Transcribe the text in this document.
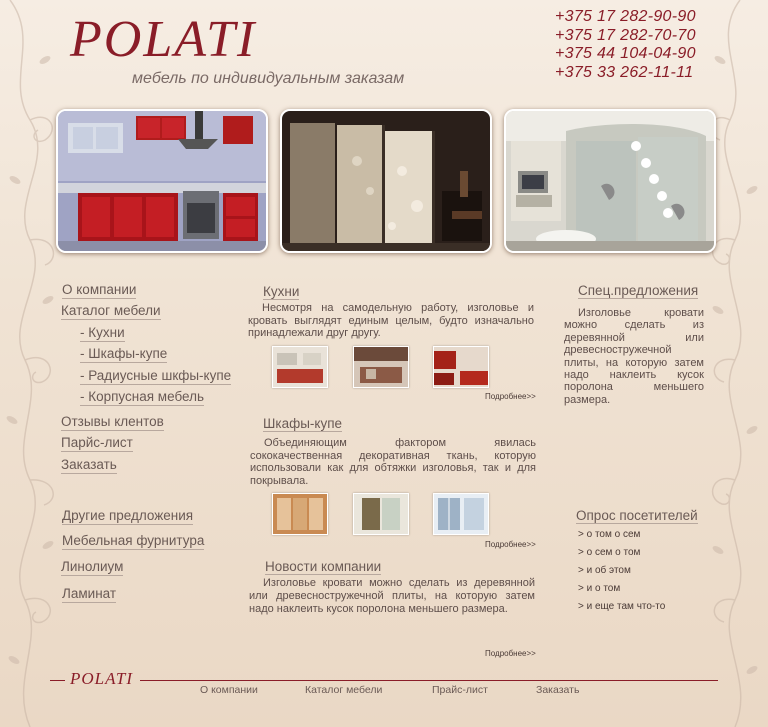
POLATI
мебель по индивидуальным заказам
+375 17 282-90-90
+375 17 282-70-70
+375 44 104-04-90
+375 33 262-11-11
О компании
Каталог мебели
- Кухни
- Шкафы-купе
- Радиусные шкфы-купе
- Корпусная мебель
Отзывы клентов
Парйс-лист
Заказать
Другие предложения
Мебельная фурнитура
Линолиум
Ламинат
Кухни
Несмотря на самодельную работу, изголовье и кровать выглядят единым целым, будто изначально принадлежали друг другу.
Подробнее>>
Шкафы-купе
Объединяющим фактором явилась сококачественная декоративная ткань, которую использовали как для обтяжки изголовья, так и для покрывала.
Подробнее>>
Новости компании
Изголовье кровати можно сделать из деревянной или древесностружечной плиты, на которую затем надо наклеить кусок поролона меньшего размера.
Подробнее>>
Спец.предложения
Изголовье кровати можно сделать из деревянной или древесностружечной плиты, на которую затем надо наклеить кусок поролона меньшего размера.
Опрос посетителей
> о том о сем
> о сем о том
> и об этом
> и о том
> и еще там что-то
POLATI
О компании	Каталог мебели	Прайс-лист	Заказать
